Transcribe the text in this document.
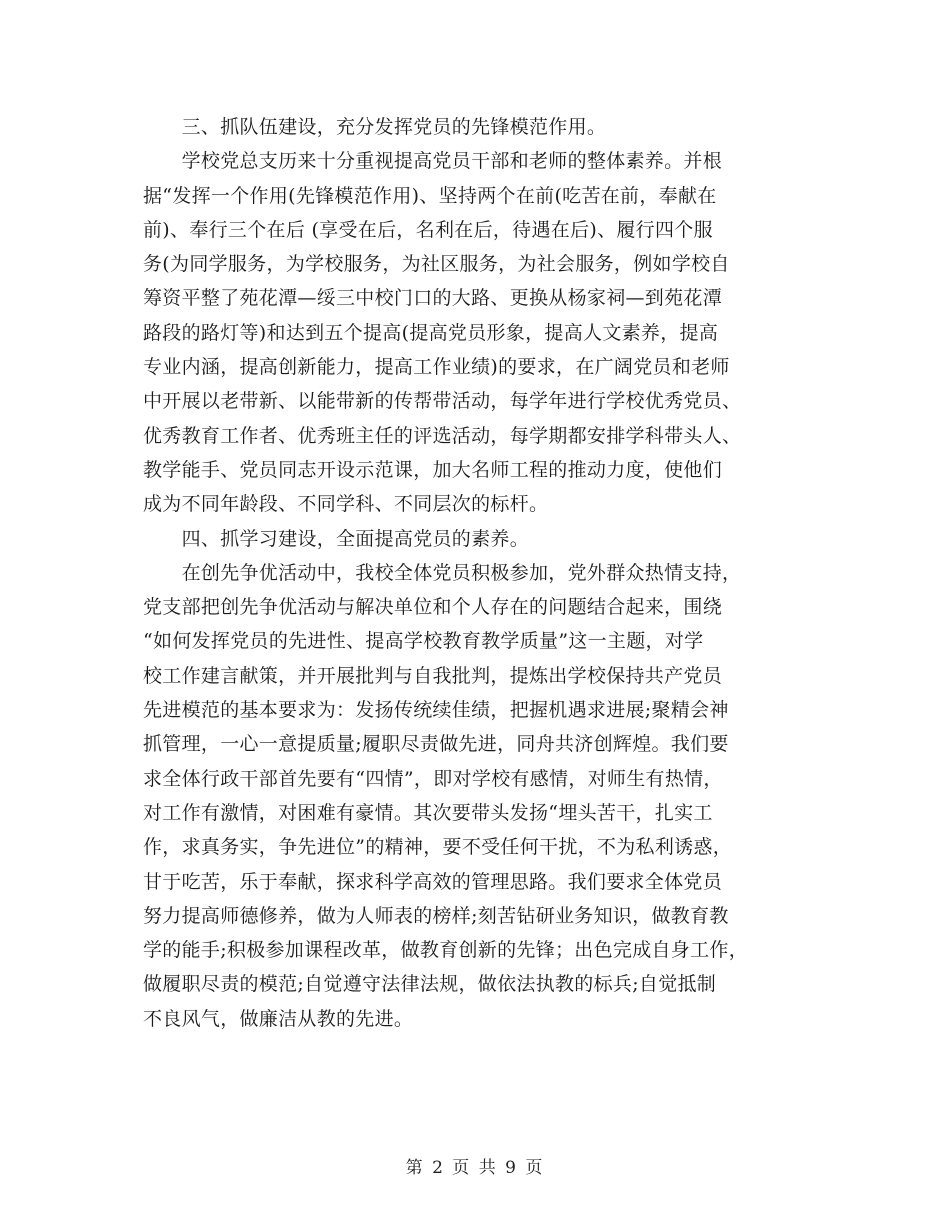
　　三、抓队伍建设，充分发挥党员的先锋模范作用。
　　学校党总支历来十分重视提高党员干部和老师的整体素养。并根
据“发挥一个作用(先锋模范作用)、坚持两个在前(吃苦在前，奉献在
前)、奉行三个在后 (享受在后，名利在后，待遇在后)、履行四个服
务(为同学服务，为学校服务，为社区服务，为社会服务，例如学校自
筹资平整了苑花潭—绥三中校门口的大路、更换从杨家祠—到苑花潭
路段的路灯等)和达到五个提高(提高党员形象，提高人文素养，提高
专业内涵，提高创新能力，提高工作业绩)的要求，在广阔党员和老师
中开展以老带新、以能带新的传帮带活动，每学年进行学校优秀党员、
优秀教育工作者、优秀班主任的评选活动，每学期都安排学科带头人、
教学能手、党员同志开设示范课，加大名师工程的推动力度，使他们
成为不同年龄段、不同学科、不同层次的标杆。
　　四、抓学习建设，全面提高党员的素养。
　　在创先争优活动中，我校全体党员积极参加，党外群众热情支持，
党支部把创先争优活动与解决单位和个人存在的问题结合起来，围绕
“如何发挥党员的先进性、提高学校教育教学质量”这一主题，对学
校工作建言献策，并开展批判与自我批判，提炼出学校保持共产党员
先进模范的基本要求为：发扬传统续佳绩，把握机遇求进展;聚精会神
抓管理，一心一意提质量;履职尽责做先进，同舟共济创辉煌。我们要
求全体行政干部首先要有“四情”，即对学校有感情，对师生有热情，
对工作有激情，对困难有豪情。其次要带头发扬“埋头苦干，扎实工
作，求真务实，争先进位”的精神，要不受任何干扰，不为私利诱惑，
甘于吃苦，乐于奉献，探求科学高效的管理思路。我们要求全体党员
努力提高师德修养，做为人师表的榜样;刻苦钻研业务知识，做教育教
学的能手;积极参加课程改革，做教育创新的先锋；出色完成自身工作，
做履职尽责的模范;自觉遵守法律法规，做依法执教的标兵;自觉抵制
不良风气，做廉洁从教的先进。
第 2 页 共 9 页
